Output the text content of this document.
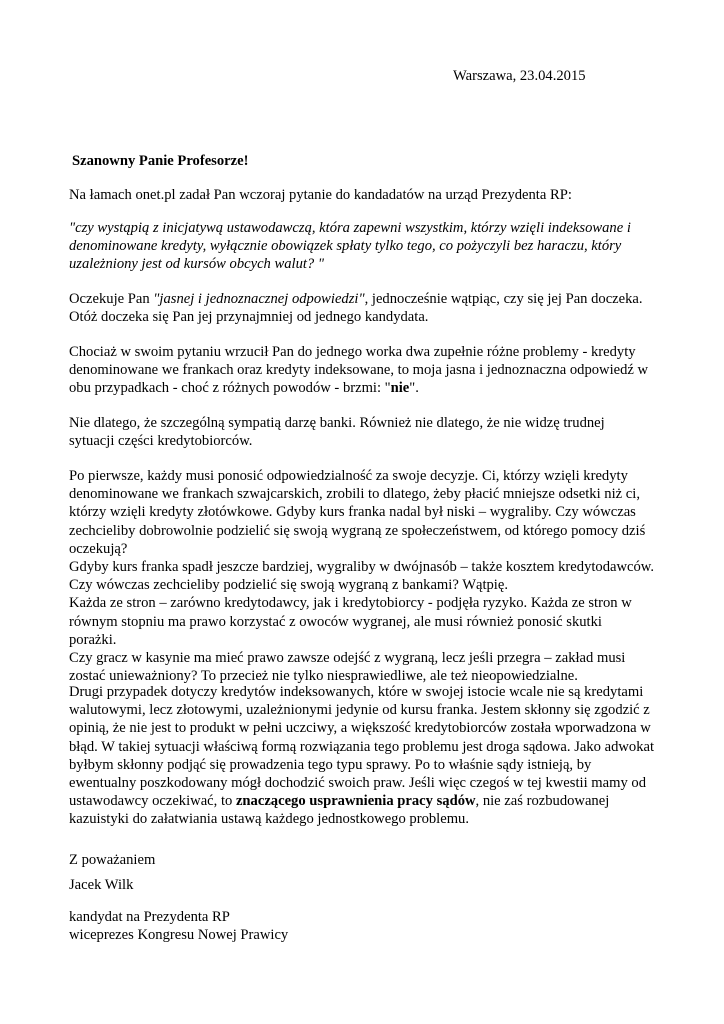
Warszawa, 23.04.2015
Szanowny Panie Profesorze!

Na łamach onet.pl zadał Pan wczoraj pytanie do kandadatów na urząd Prezydenta RP:

"czy wystąpią z inicjatywą ustawodawczą, która zapewni wszystkim, którzy wzięli indeksowane i
denominowane kredyty, wyłącznie obowiązek spłaty tylko tego, co pożyczyli bez haraczu, który
uzależniony jest od kursów obcych walut? "

Oczekuje Pan "jasnej i jednoznacznej odpowiedzi", jednocześnie wątpiąc, czy się jej Pan doczeka.
Otóż doczeka się Pan jej przynajmniej od jednego kandydata.

Chociaż w swoim pytaniu wrzucił Pan do jednego worka dwa zupełnie różne problemy - kredyty
denominowane we frankach oraz kredyty indeksowane, to moja jasna i jednoznaczna odpowiedź w
obu przypadkach - choć z różnych powodów - brzmi: "nie".

Nie dlatego, że szczególną sympatią darzę banki. Również nie dlatego, że nie widzę trudnej
sytuacji części kredytobiorców.

Po pierwsze, każdy musi ponosić odpowiedzialność za swoje decyzje. Ci, którzy wzięli kredyty
denominowane we frankach szwajcarskich, zrobili to dlatego, żeby płacić mniejsze odsetki niż ci,
którzy wzięli kredyty złotówkowe. Gdyby kurs franka nadal był niski – wygraliby. Czy wówczas
zechcieliby dobrowolnie podzielić się swoją wygraną ze społeczeństwem, od którego pomocy dziś
oczekują?
Gdyby kurs franka spadł jeszcze bardziej, wygraliby w dwójnasób – także kosztem kredytodawców.
Czy wówczas zechcieliby podzielić się swoją wygraną z bankami? Wątpię.
Każda ze stron – zarówno kredytodawcy, jak i kredytobiorcy - podjęła ryzyko. Każda ze stron w
równym stopniu ma prawo korzystać z owoców wygranej, ale musi również ponosić skutki
porażki.
Czy gracz w kasynie ma mieć prawo zawsze odejść z wygraną, lecz jeśli przegra – zakład musi
zostać unieważniony? To przecież nie tylko niesprawiedliwe, ale też nieopowiedzialne.

Drugi przypadek dotyczy kredytów indeksowanych, które w swojej istocie wcale nie są kredytami
walutowymi, lecz złotowymi, uzależnionymi jedynie od kursu franka. Jestem skłonny się zgodzić z
opinią, że nie jest to produkt w pełni uczciwy, a większość kredytobiorców została wporwadzona w
błąd. W takiej sytuacji właściwą formą rozwiązania tego problemu jest droga sądowa. Jako adwokat
byłbym skłonny podjąć się prowadzenia tego typu sprawy. Po to właśnie sądy istnieją, by
ewentualny poszkodowany mógł dochodzić swoich praw. Jeśli więc czegoś w tej kwestii mamy od
ustawodawcy oczekiwać, to znaczącego usprawnienia pracy sądów, nie zaś rozbudowanej
kazuistyki do załatwiania ustawą każdego jednostkowego problemu.

Z poważaniem

Jacek Wilk

kandydat na Prezydenta RP
wiceprezes Kongresu Nowej Prawicy
